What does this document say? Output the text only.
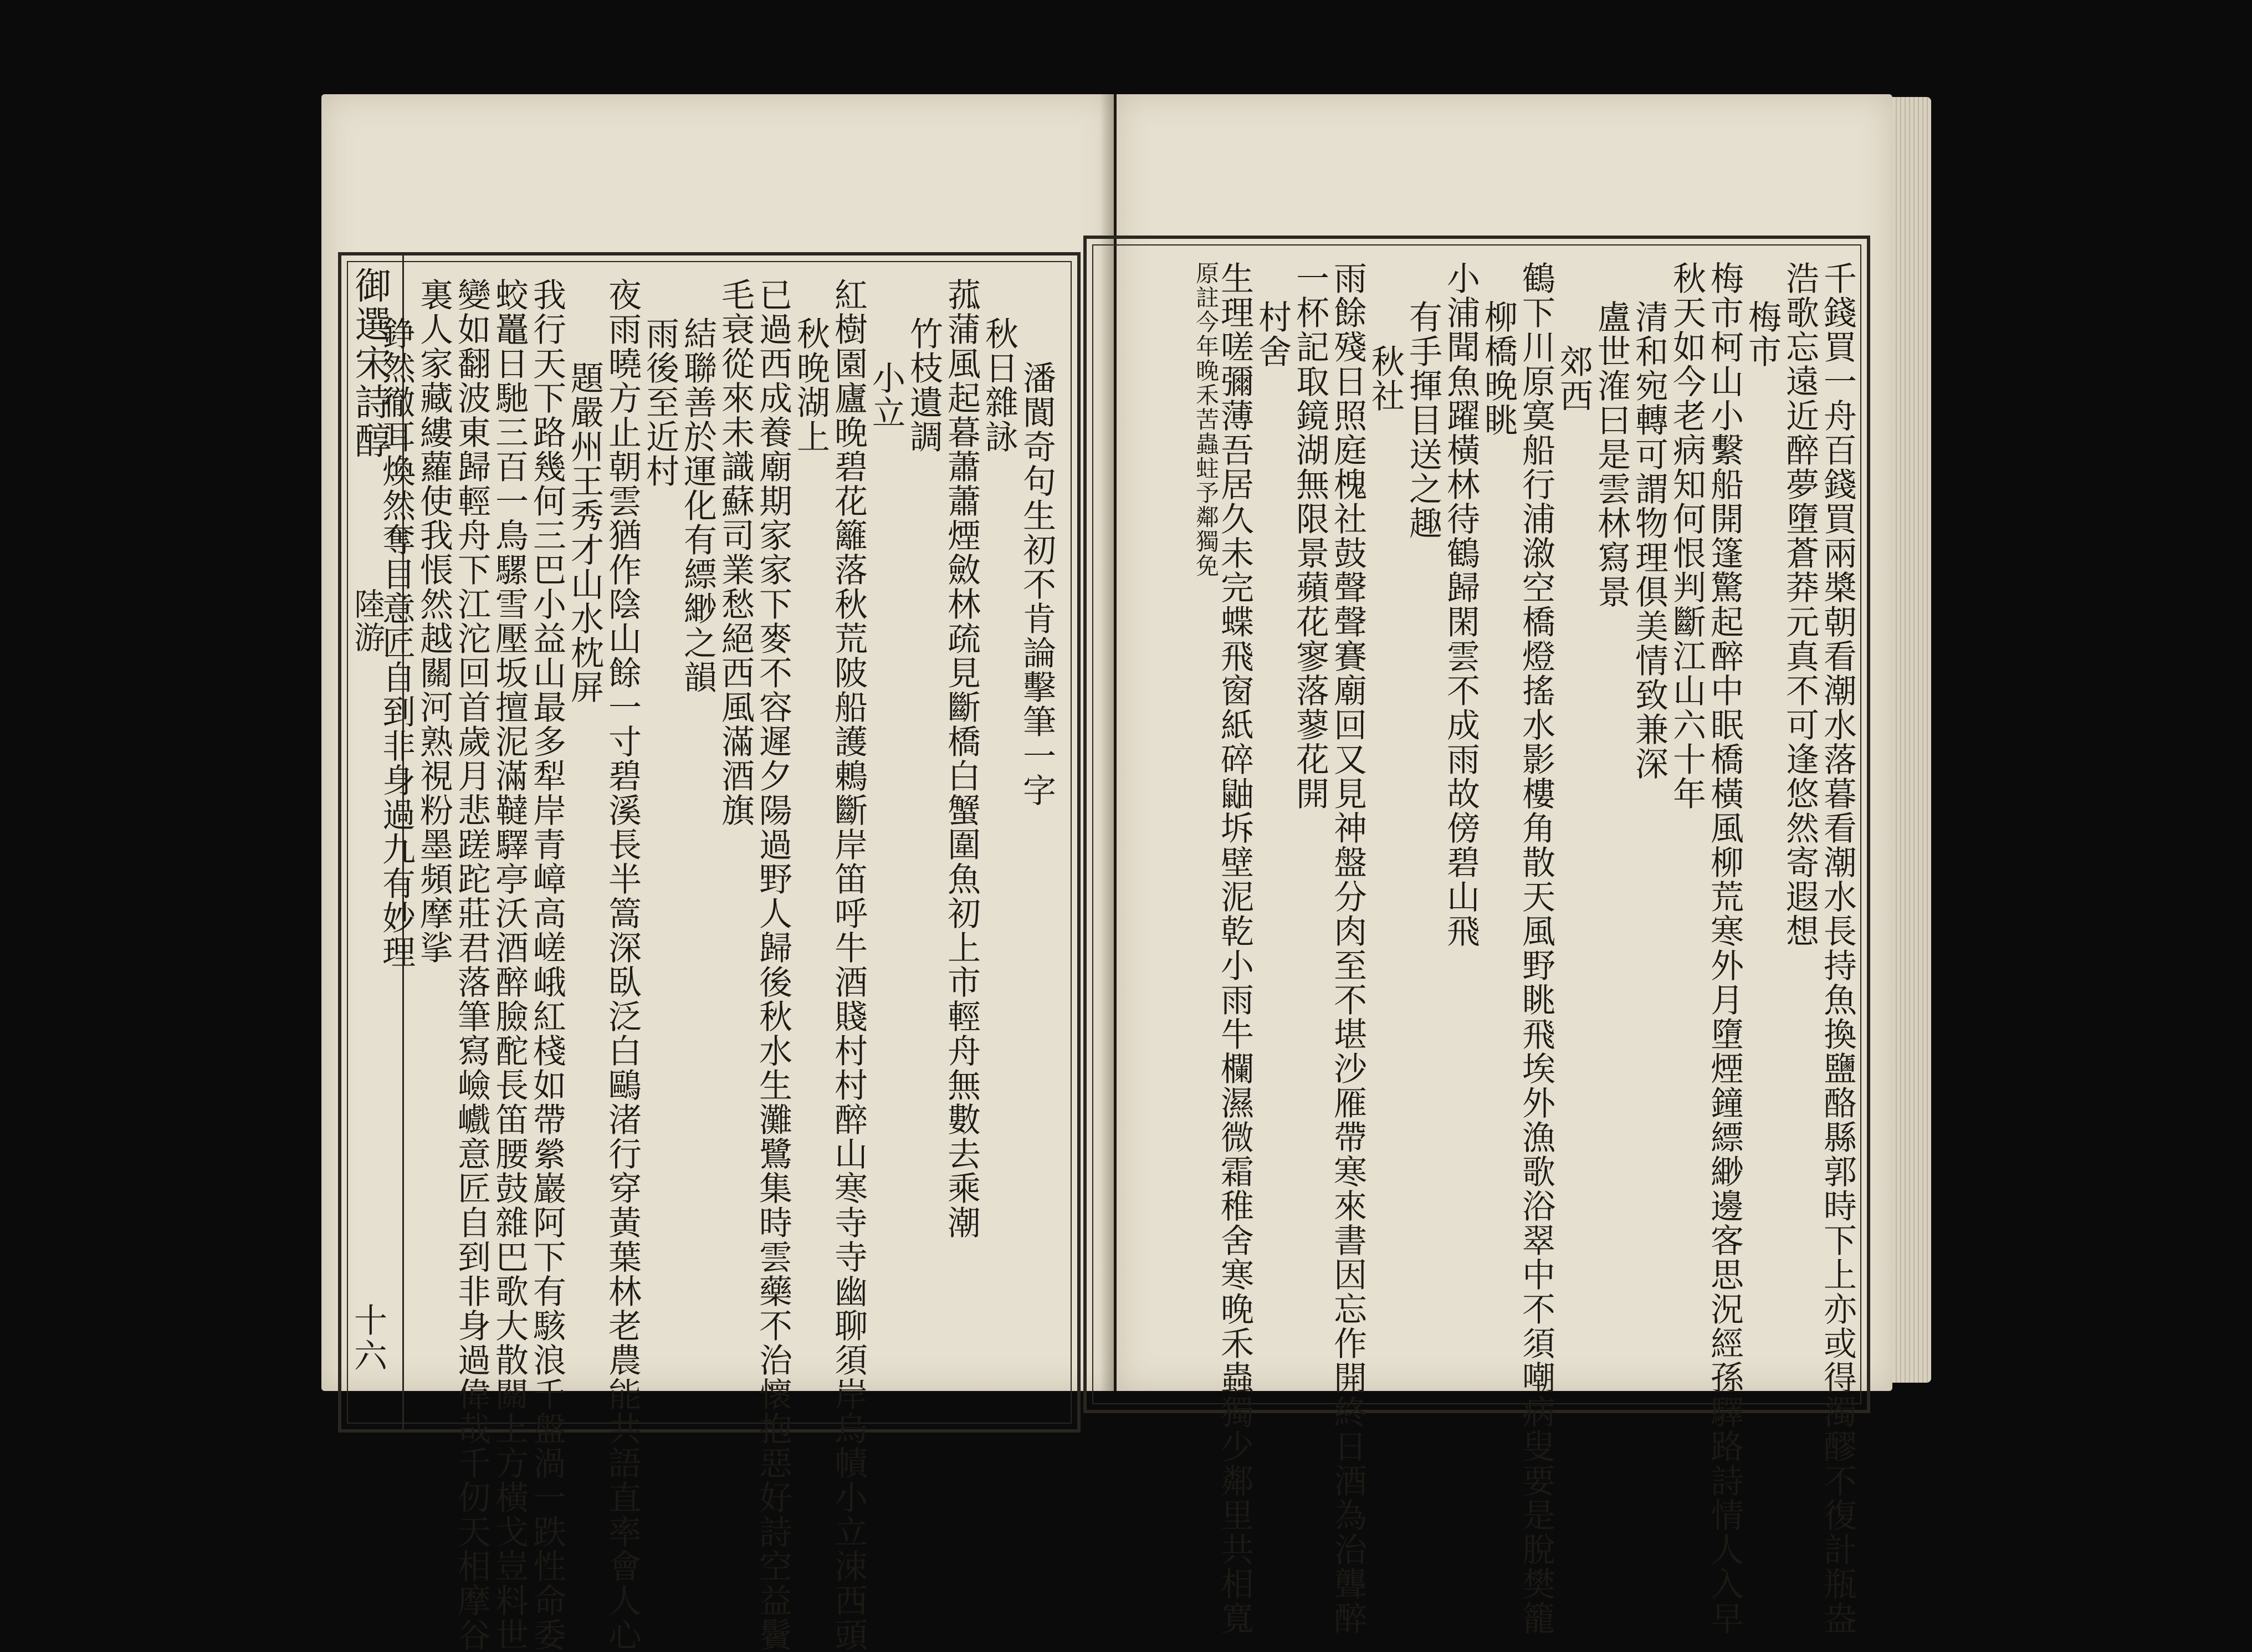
御選宋詩醇
陸游
十六
潘閬奇句生初不肯論擊筆一字
秋日雜詠
菰蒲風起暮蕭蕭煙斂林疏見斷橋白蟹圍魚初上市輕舟無數去乘潮
竹枝遺調
小立
紅樹園廬晚碧花籬落秋荒陂船護鶇斷岸笛呼牛酒賤村村醉山寒寺寺幽聊須岸烏幘小立涑西頭
秋晚湖上
已過西成養廟期家家下麥不容遲夕陽過野人歸後秋水生灘鷺集時雲藥不治懷抱惡好詩空益鬢
毛衰從來未識蘇司業愁絕西風滿酒旗
結聯善於運化有縹緲之韻
雨後至近村
夜雨曉方止朝雲猶作陰山餘一寸碧溪長半篙深臥泛白鷗渚行穿黃葉林老農能共語直率會人心
題嚴州王秀才山水枕屏
我行天下路幾何三巴小益山最多犁岸青嶂高嵯峨紅棧如帶縈巖阿下有駭浪千盤渦一跌性命委
蛟鼉日馳三百一鳥騾雪壓坂擅泥滿韃驛亭沃酒醉臉酡長笛腰鼓雜巴歌大散關上方橫戈豈料世
變如翻波東歸輕舟下江沱回首歲月悲蹉跎莊君落筆寫嶮巇意匠自到非身過偉哉千仞天相摩谷
裏人家藏縷蘿使我悵然越關河熟視粉墨頻摩挲
錚然徹耳煥然奪目意匠自到非身過九有妙理	千錢買一舟百錢買兩槳朝看潮水落暮看潮水長持魚換鹽酪縣郭時下上亦或得濁醪不復計瓶盎
浩歌忘遠近醉夢墮蒼莽元真不可逢悠然寄遐想
梅市
梅市柯山小繫船開篷驚起醉中眠橋橫風柳荒寒外月墮煙鐘縹緲邊客思況經孫驛路詩情人入早
秋天如今老病知何恨判斷江山六十年
清和宛轉可謂物理俱美情致兼深
盧世㴶曰是雲林寫景
郊西
鶴下川原寞船行浦漵空橋燈搖水影樓角散天風野眺飛埃外漁歌浴翠中不須嘲病叟要是脫樊籠
柳橋晚眺
小浦聞魚躍橫林待鶴歸閑雲不成雨故傍碧山飛
有手揮目送之趣
秋社
雨餘殘日照庭槐社鼓聲聲賽廟回又見神盤分肉至不堪沙雁帶寒來書因忘作開終日酒為治聾醉
一杯記取鏡湖無限景蘋花寥落蓼花開
村舍
生理嗟彌薄吾居久未完蝶飛窗紙碎鼬坼壁泥乾小雨牛欄濕微霜稚舍寒晚禾蟲獨少鄰里共相寬
原註今年晚禾苦蟲蛀予鄰獨免
